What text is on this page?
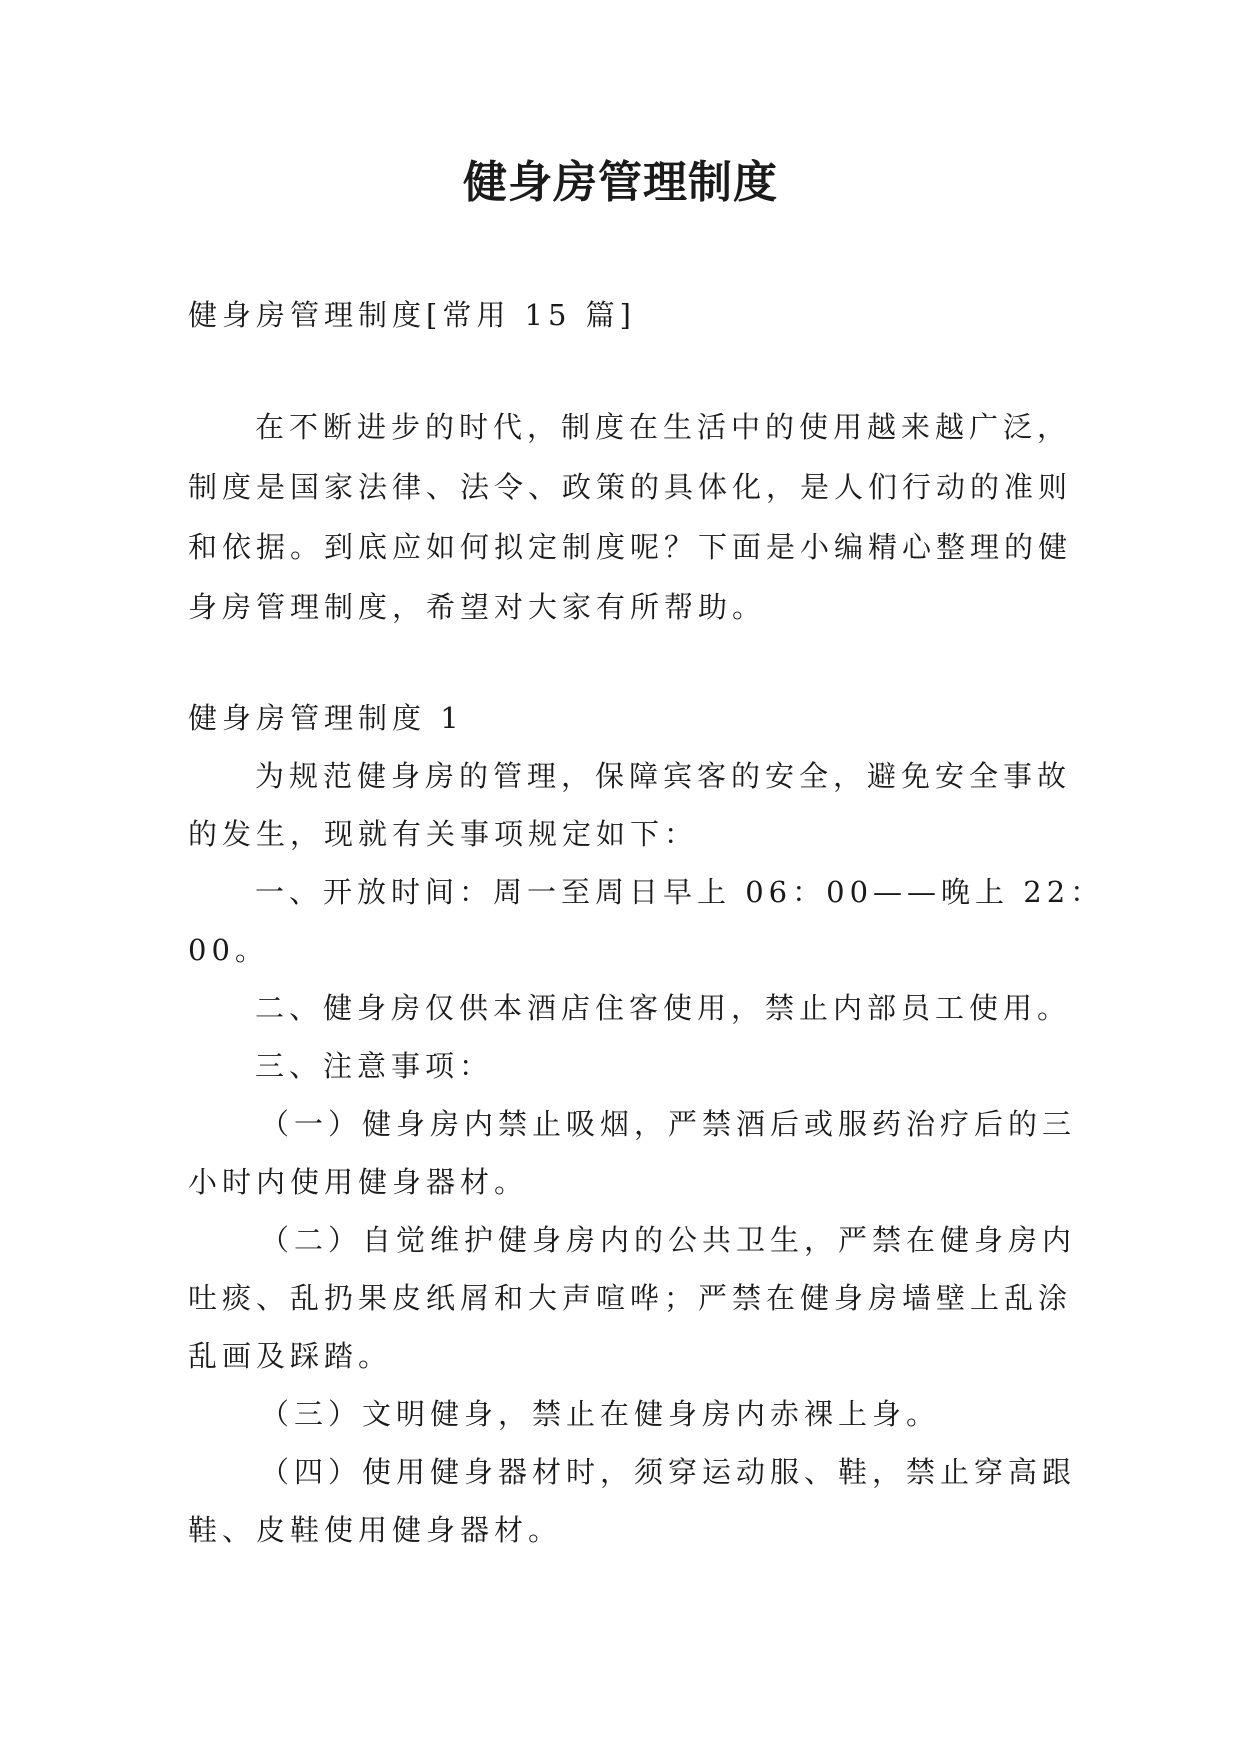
健身房管理制度

健身房管理制度[常用 15 篇]

在不断进步的时代，制度在生活中的使用越来越广泛，

制度是国家法律、法令、政策的具体化，是人们行动的准则

和依据。到底应如何拟定制度呢？下面是小编精心整理的健

身房管理制度，希望对大家有所帮助。

健身房管理制度 1

为规范健身房的管理，保障宾客的安全，避免安全事故

的发生，现就有关事项规定如下：

一、开放时间：周一至周日早上 06：00——晚上 22：

00。

二、健身房仅供本酒店住客使用，禁止内部员工使用。

三、注意事项：

（一）健身房内禁止吸烟，严禁酒后或服药治疗后的三

小时内使用健身器材。

（二）自觉维护健身房内的公共卫生，严禁在健身房内

吐痰、乱扔果皮纸屑和大声喧哗；严禁在健身房墙壁上乱涂

乱画及踩踏。

（三）文明健身，禁止在健身房内赤裸上身。

（四）使用健身器材时，须穿运动服、鞋，禁止穿高跟

鞋、皮鞋使用健身器材。
